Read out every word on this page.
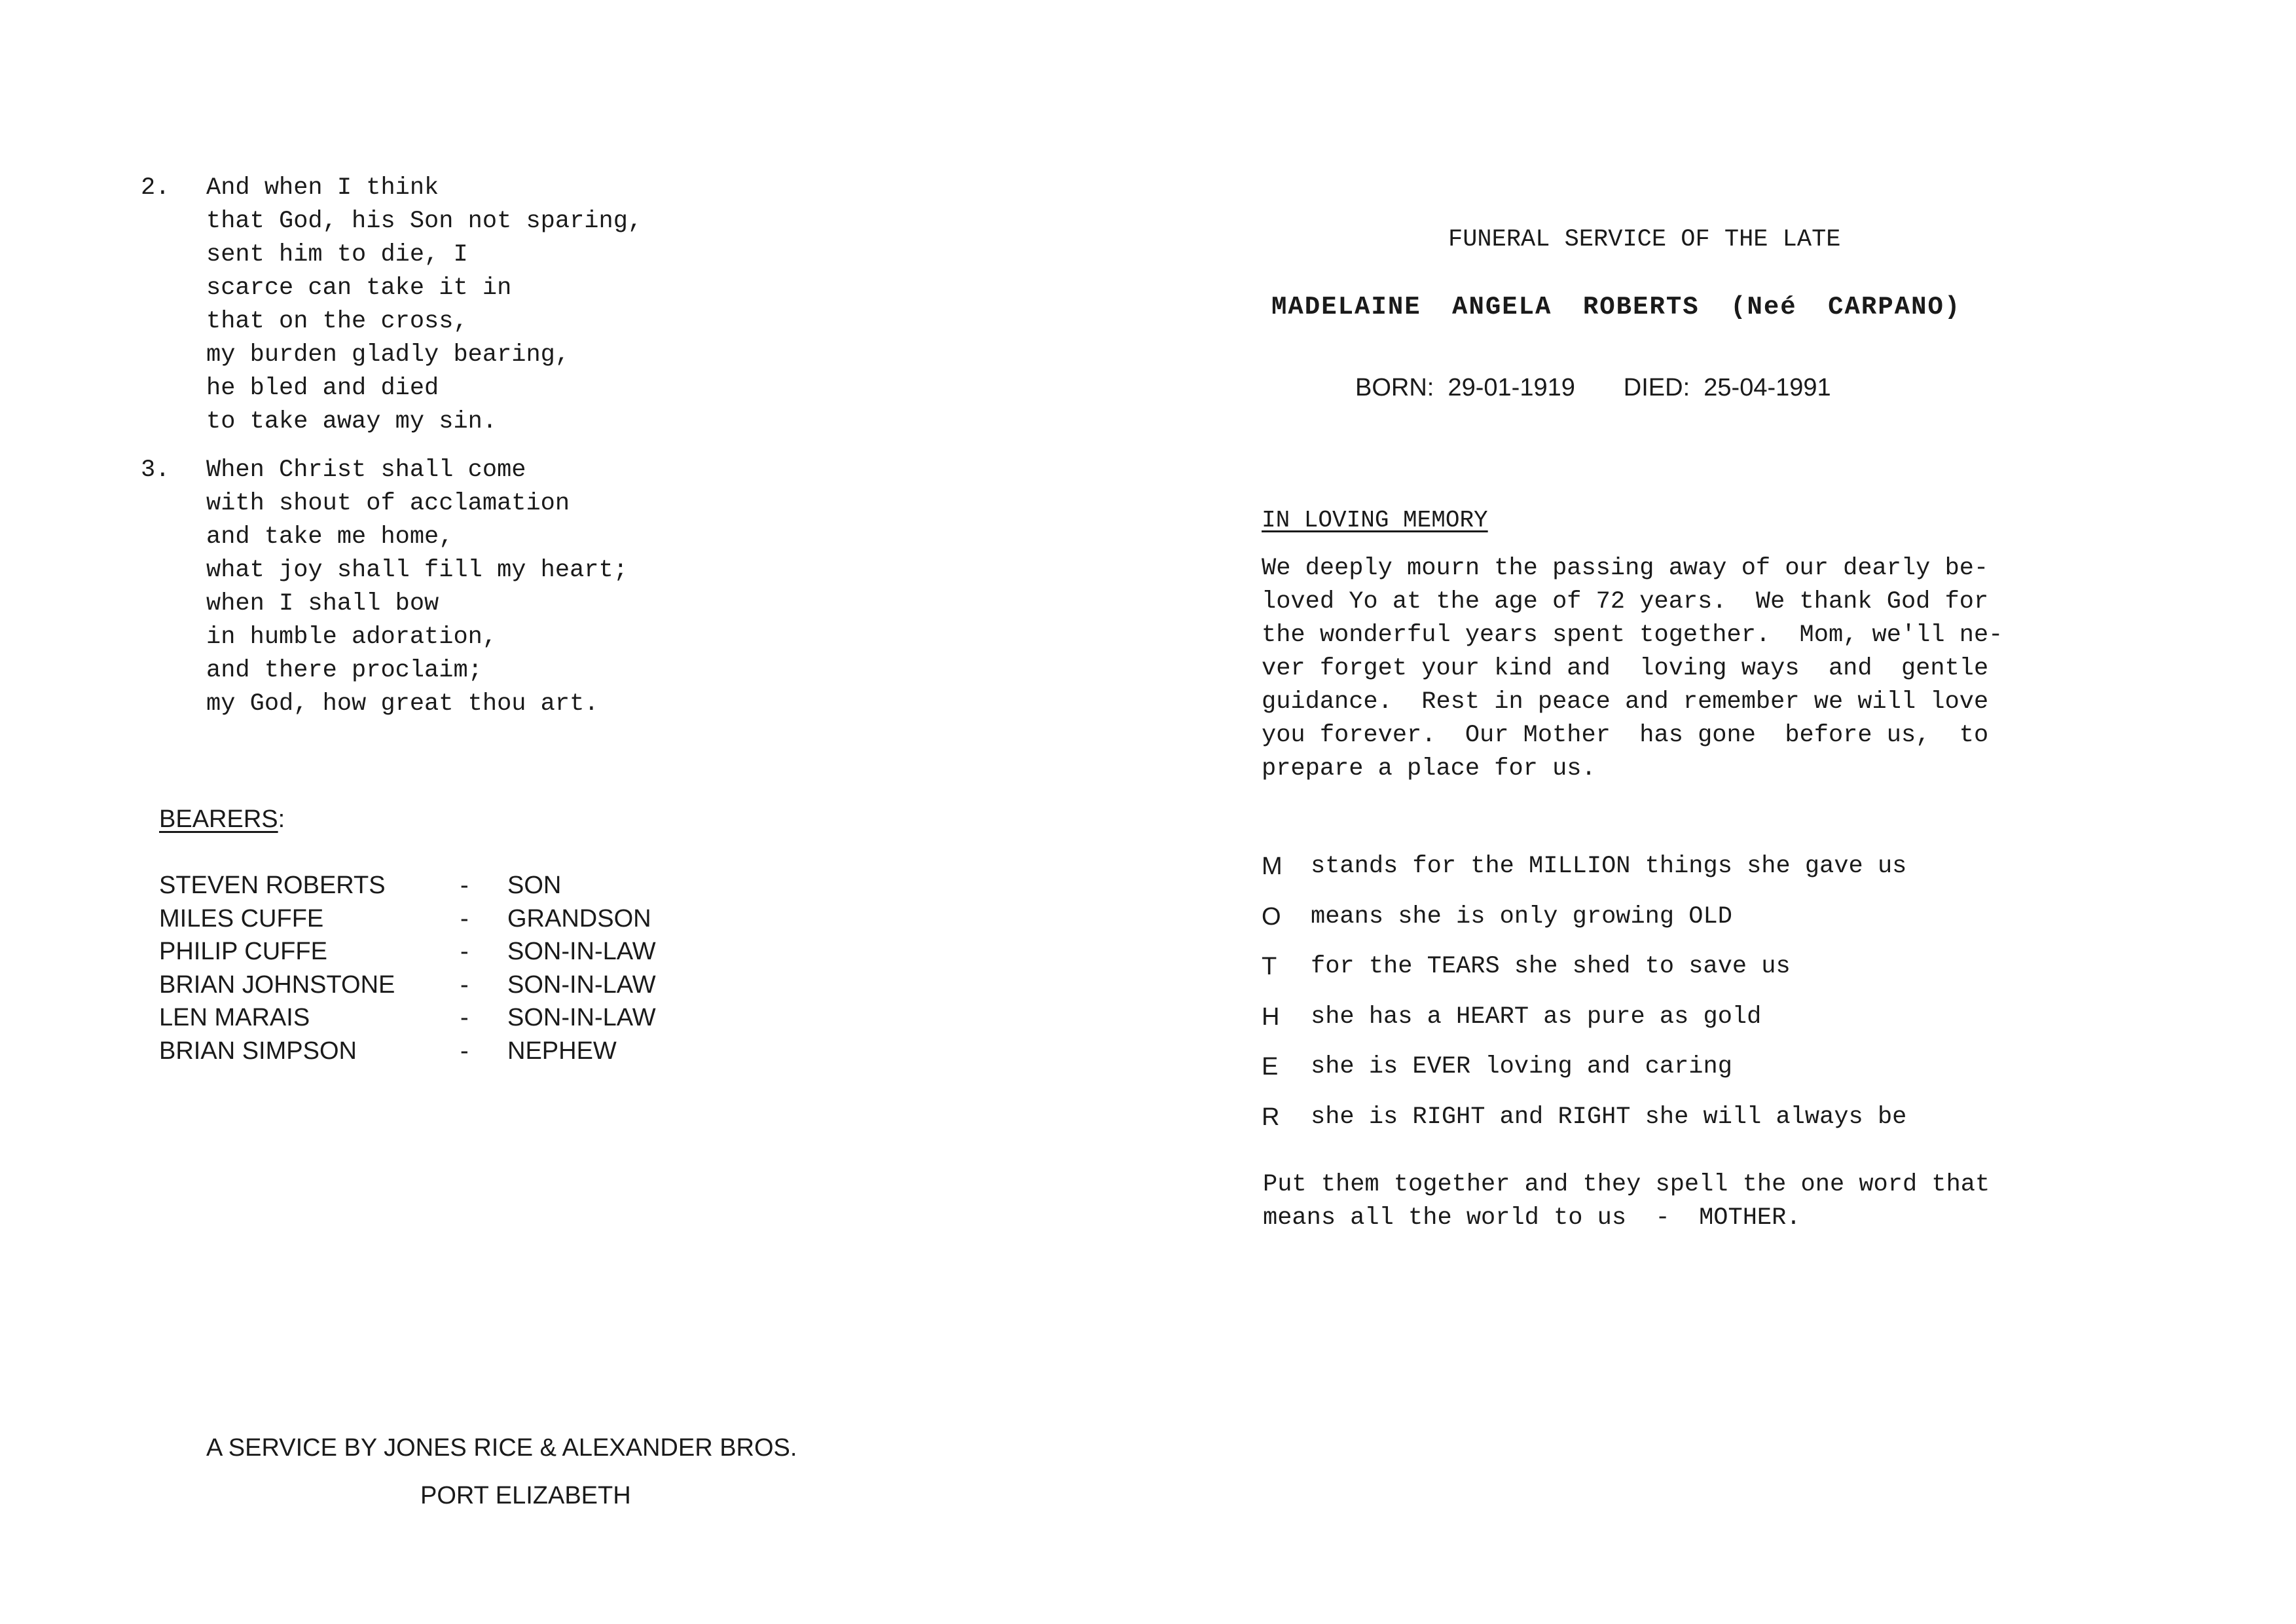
2.	And when I think
that God, his Son not sparing,
sent him to die, I
scarce can take it in
that on the cross,
my burden gladly bearing,
he bled and died
to take away my sin.
3.	When Christ shall come
with shout of acclamation
and take me home,
what joy shall fill my heart;
when I shall bow
in humble adoration,
and there proclaim;
my God, how great thou art.
BEARERS:
STEVEN ROBERTS	- SON
MILES CUFFE	- GRANDSON
PHILIP CUFFE	- SON-IN-LAW
BRIAN JOHNSTONE	- SON-IN-LAW
LEN MARAIS	- SON-IN-LAW
BRIAN SIMPSON	- NEPHEW
A SERVICE BY JONES RICE & ALEXANDER BROS.
PORT ELIZABETH
FUNERAL SERVICE OF THE LATE
MADELAINE ANGELA ROBERTS (Neé CARPANO)
BORN: 29-01-1919 DIED: 25-04-1991
IN LOVING MEMORY
We deeply mourn the passing away of our dearly be-
loved Yo at the age of 72 years.  We thank God for
the wonderful years spent together.  Mom, we'll ne-
ver forget your kind and  loving ways  and  gentle
guidance.  Rest in peace and remember we will love
you forever.  Our Mother  has gone  before us,  to
prepare a place for us.
M stands for the MILLION things she gave us
O means she is only growing OLD
T for the TEARS she shed to save us
H she has a HEART as pure as gold
E she is EVER loving and caring
R she is RIGHT and RIGHT she will always be
Put them together and they spell the one word that
means all the world to us  -  MOTHER.
